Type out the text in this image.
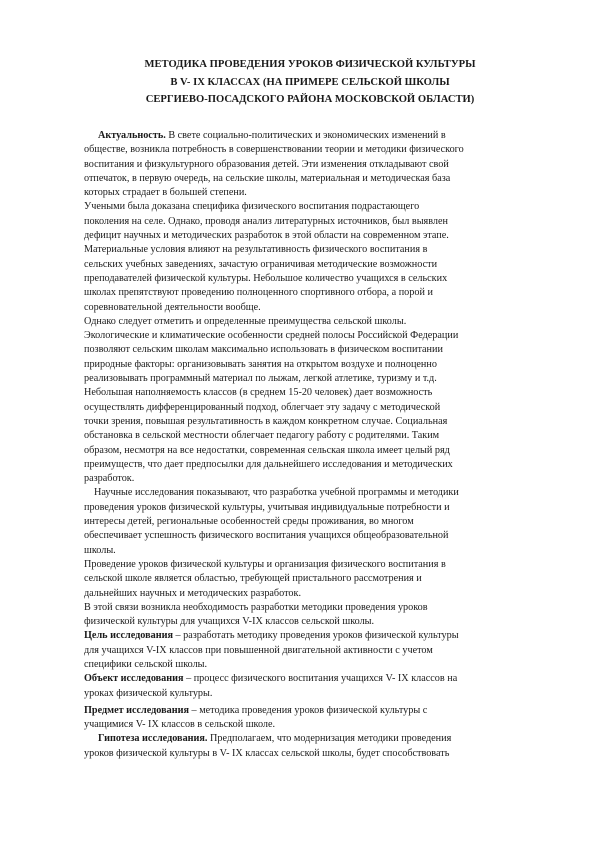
МЕТОДИКА ПРОВЕДЕНИЯ УРОКОВ ФИЗИЧЕСКОЙ КУЛЬТУРЫ
В V- IX КЛАССАХ (НА ПРИМЕРЕ СЕЛЬСКОЙ ШКОЛЫ
СЕРГИЕВО-ПОСАДСКОГО РАЙОНА МОСКОВСКОЙ ОБЛАСТИ)
Актуальность. В свете социально-политических и экономических изменений в
обществе, возникла потребность в совершенствовании теории и методики физического
воспитания и физкультурного образования детей. Эти изменения откладывают свой
отпечаток, в первую очередь, на сельские школы, материальная и методическая база
которых страдает в большей степени.
Учеными была доказана специфика физического воспитания подрастающего
поколения на селе. Однако, проводя анализ литературных источников, был выявлен
дефицит научных и методических разработок в этой области на современном этапе.
Материальные условия влияют на результативность физического воспитания в
сельских учебных заведениях, зачастую ограничивая методические возможности
преподавателей физической культуры. Небольшое количество учащихся в сельских
школах препятствуют проведению полноценного спортивного отбора, а порой и
соревновательной деятельности вообще.
Однако следует отметить и определенные преимущества сельской школы.
Экологические и климатические особенности средней полосы Российской Федерации
позволяют сельским школам максимально использовать в физическом воспитании
природные факторы: организовывать занятия на открытом воздухе и полноценно
реализовывать программный материал по лыжам, легкой атлетике, туризму и т.д.
Небольшая наполняемость классов (в среднем 15-20 человек) дает возможность
осуществлять дифференцированный подход, облегчает эту задачу с методической
точки зрения, повышая результативность в каждом конкретном случае. Социальная
обстановка в сельской местности облегчает педагогу работу с родителями. Таким
образом, несмотря на все недостатки, современная сельская школа имеет целый ряд
преимуществ, что дает предпосылки для дальнейшего исследования и методических
разработок.
Научные исследования показывают, что разработка учебной программы и методики
проведения уроков физической культуры, учитывая индивидуальные потребности и
интересы детей, региональные особенностей среды проживания, во многом
обеспечивает успешность физического воспитания учащихся общеобразовательной
школы.
Проведение уроков физической культуры и организация физического воспитания в
сельской школе является областью, требующей пристального рассмотрения и
дальнейших научных и методических разработок.
В этой связи возникла необходимость разработки методики проведения уроков
физической культуры для учащихся V-IX классов сельской школы.
Цель исследования – разработать методику проведения уроков физической культуры
для учащихся V-IX классов при повышенной двигательной активности с учетом
специфики сельской школы.
Объект исследования – процесс физического воспитания учащихся V- IX классов на
уроках физической культуры.
Предмет исследования – методика проведения уроков физической культуры с
учащимися V- IX классов в сельской школе.
Гипотеза исследования. Предполагаем, что модернизация методики проведения
уроков физической культуры в V- IX классах сельской школы, будет способствовать
